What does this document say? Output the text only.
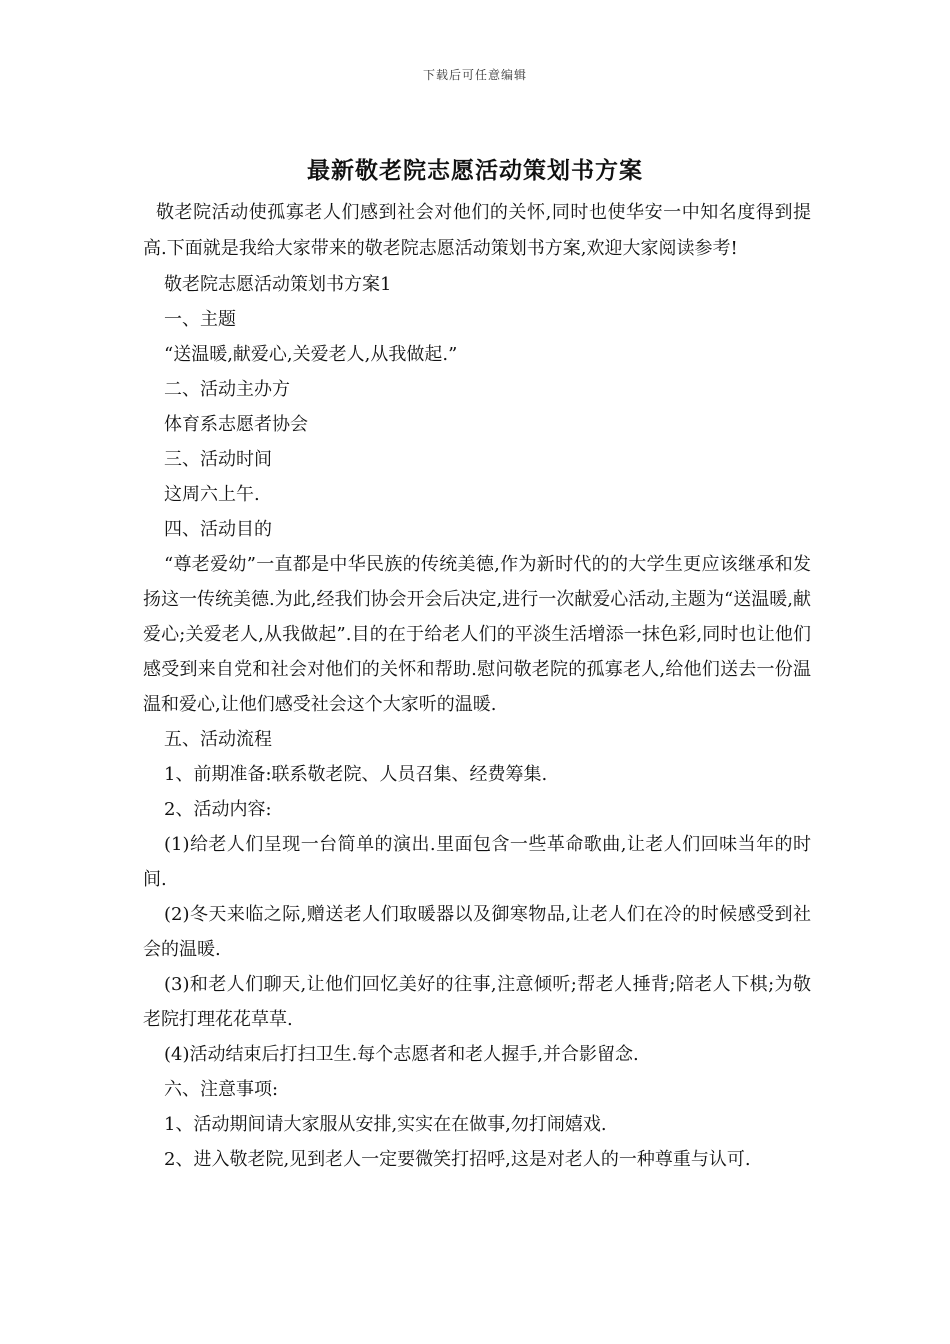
下载后可任意编辑
最新敬老院志愿活动策划书方案

敬老院活动使孤寡老人们感到社会对他们的关怀,同时也使华安一中知名度得到提高.下面就是我给大家带来的敬老院志愿活动策划书方案,欢迎大家阅读参考!

敬老院志愿活动策划书方案1

一、主题

“送温暖,献爱心,关爱老人,从我做起.”

二、活动主办方

体育系志愿者协会

三、活动时间

这周六上午.

四、活动目的

“尊老爱幼”一直都是中华民族的传统美德,作为新时代的的大学生更应该继承和发扬这一传统美德.为此,经我们协会开会后决定,进行一次献爱心活动,主题为“送温暖,献爱心;关爱老人,从我做起”.目的在于给老人们的平淡生活增添一抹色彩,同时也让他们感受到来自党和社会对他们的关怀和帮助.慰问敬老院的孤寡老人,给他们送去一份温温和爱心,让他们感受社会这个大家听的温暖.

五、活动流程

1、前期准备:联系敬老院、人员召集、经费筹集.

2、活动内容:

(1)给老人们呈现一台简单的演出.里面包含一些革命歌曲,让老人们回味当年的时间.

(2)冬天来临之际,赠送老人们取暖器以及御寒物品,让老人们在冷的时候感受到社会的温暖.

(3)和老人们聊天,让他们回忆美好的往事,注意倾听;帮老人捶背;陪老人下棋;为敬老院打理花花草草.

(4)活动结束后打扫卫生.每个志愿者和老人握手,并合影留念.

六、注意事项:

1、活动期间请大家服从安排,实实在在做事,勿打闹嬉戏.

2、进入敬老院,见到老人一定要微笑打招呼,这是对老人的一种尊重与认可.
